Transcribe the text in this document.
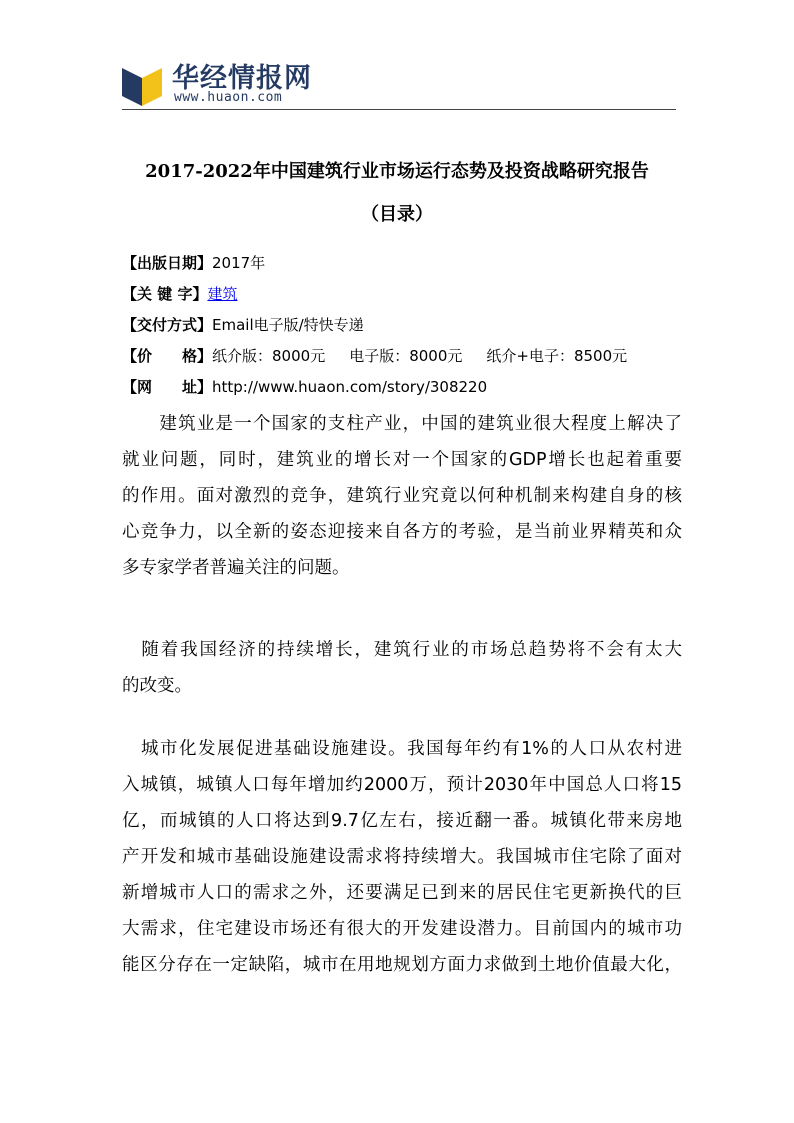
华经情报网
www.huaon.com
2017-2022年中国建筑行业市场运行态势及投资战略研究报告
（目录）
【出版日期】2017年
【关 键 字】建筑
【交付方式】Email电子版/特快专递
【价　　格】纸介版：8000元 电子版：8000元 纸介+电子：8500元
【网　　址】http://www.huaon.com/story/308220
　　建筑业是一个国家的支柱产业，中国的建筑业很大程度上解决了
就业问题，同时，建筑业的增长对一个国家的GDP增长也起着重要
的作用。面对激烈的竞争，建筑行业究竟以何种机制来构建自身的核
心竞争力，以全新的姿态迎接来自各方的考验，是当前业界精英和众
多专家学者普遍关注的问题。
　随着我国经济的持续增长，建筑行业的市场总趋势将不会有太大
的改变。
　城市化发展促进基础设施建设。我国每年约有1%的人口从农村进
入城镇，城镇人口每年增加约2000万，预计2030年中国总人口将15
亿，而城镇的人口将达到9.7亿左右，接近翻一番。城镇化带来房地
产开发和城市基础设施建设需求将持续增大。我国城市住宅除了面对
新增城市人口的需求之外，还要满足已到来的居民住宅更新换代的巨
大需求，住宅建设市场还有很大的开发建设潜力。目前国内的城市功
能区分存在一定缺陷，城市在用地规划方面力求做到土地价值最大化，
